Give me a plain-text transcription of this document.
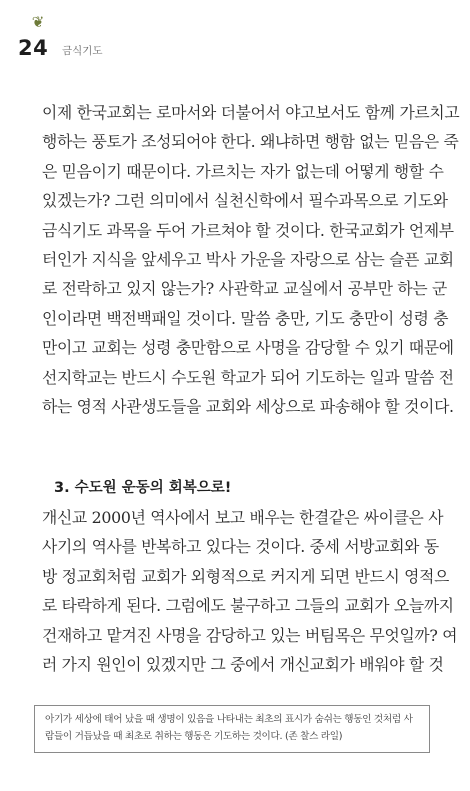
❦
24 금식기도

이제 한국교회는 로마서와 더불어서 야고보서도 함께 가르치고

행하는 풍토가 조성되어야 한다. 왜냐하면 행함 없는 믿음은 죽

은 믿음이기 때문이다. 가르치는 자가 없는데 어떻게 행할 수

있겠는가? 그런 의미에서 실천신학에서 필수과목으로 기도와

금식기도 과목을 두어 가르쳐야 할 것이다. 한국교회가 언제부

터인가 지식을 앞세우고 박사 가운을 자랑으로 삼는 슬픈 교회

로 전락하고 있지 않는가? 사관학교 교실에서 공부만 하는 군

인이라면 백전백패일 것이다. 말씀 충만, 기도 충만이 성령 충

만이고 교회는 성령 충만함으로 사명을 감당할 수 있기 때문에

선지학교는 반드시 수도원 학교가 되어 기도하는 일과 말씀 전

하는 영적 사관생도들을 교회와 세상으로 파송해야 할 것이다.

3. 수도원 운동의 회복으로!

개신교 2000년 역사에서 보고 배우는 한결같은 싸이클은 사

사기의 역사를 반복하고 있다는 것이다. 중세 서방교회와 동

방 정교회처럼 교회가 외형적으로 커지게 되면 반드시 영적으

로 타락하게 된다. 그럼에도 불구하고 그들의 교회가 오늘까지

건재하고 맡겨진 사명을 감당하고 있는 버팀목은 무엇일까? 여

러 가지 원인이 있겠지만 그 중에서 개신교회가 배워야 할 것

아기가 세상에 태어 났을 때 생명이 있음을 나타내는 최초의 표시가 숨쉬는 행동인 것처럼 사

람들이 거듭났을 때 최초로 취하는 행동은 기도하는 것이다. (존 찰스 라일)
